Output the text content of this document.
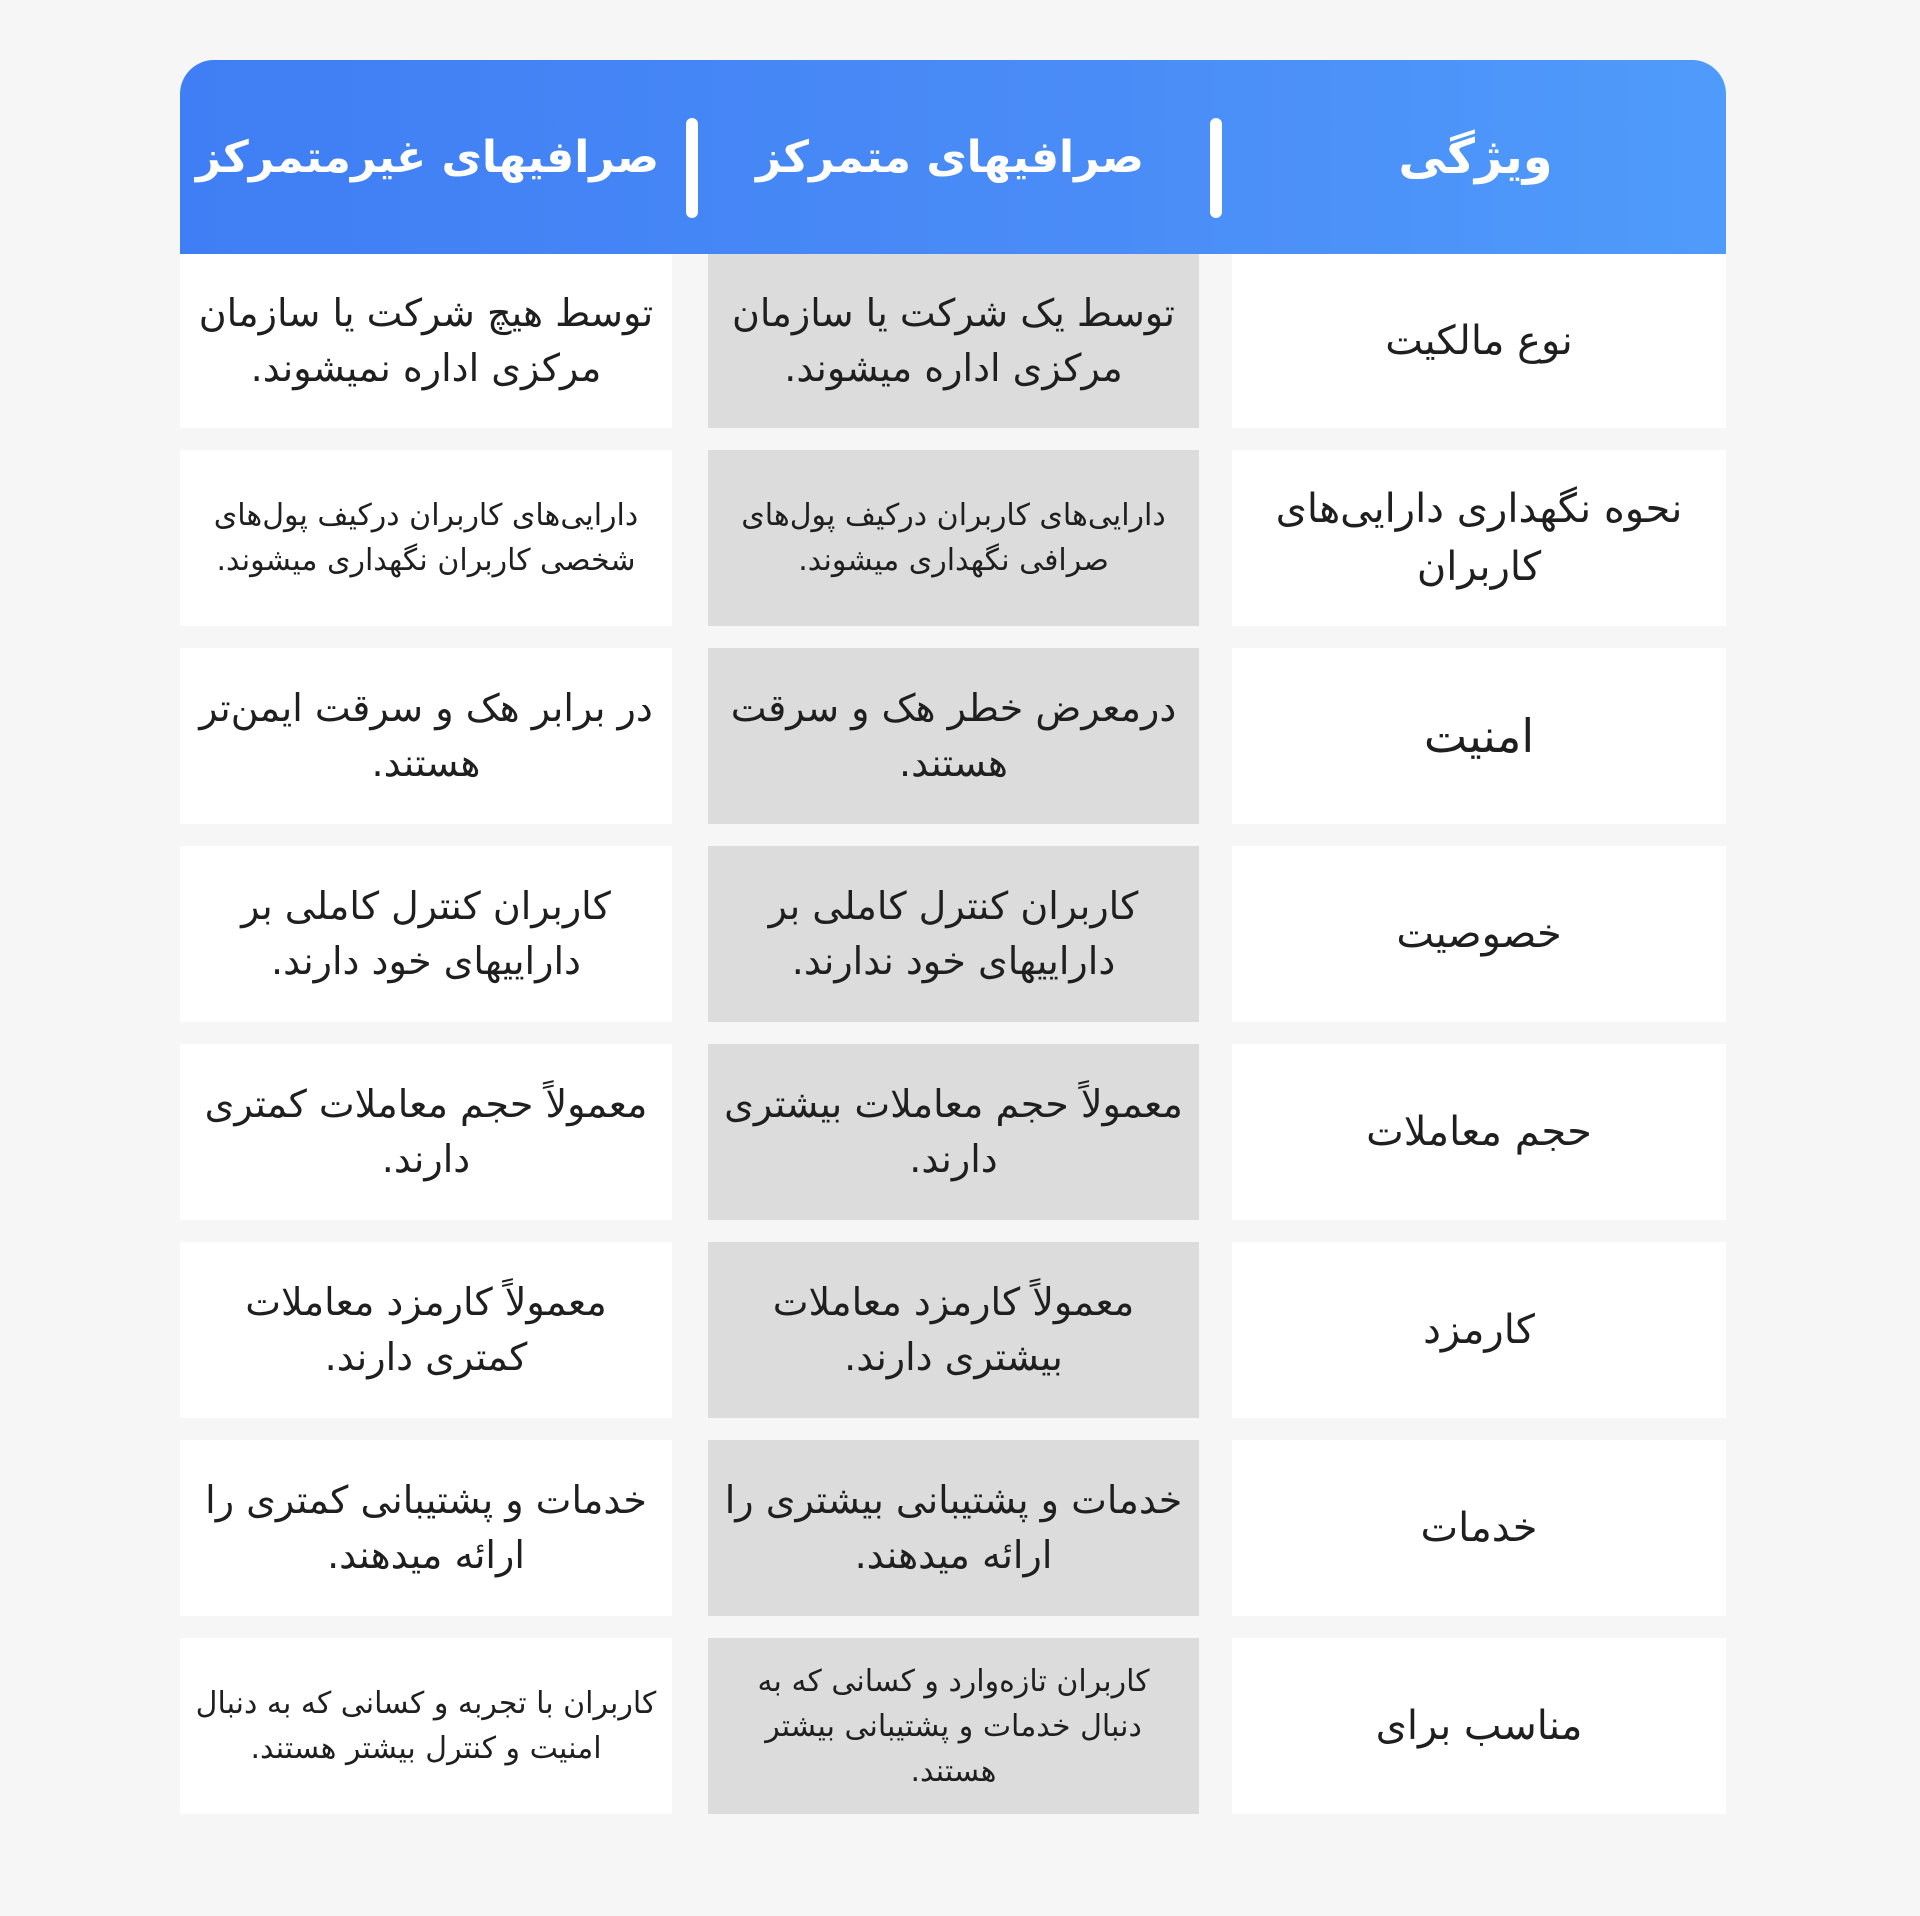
صرافیهای غیرمتمرکز	صرافیهای متمرکز	ویژگی
توسط هیچ شرکت یا سازمان مرکزی اداره نمیشوند.
توسط یک شرکت یا سازمان مرکزی اداره میشوند.
نوع مالکیت
دارایی‌های کاربران درکیف پول‌های شخصی کاربران نگهداری میشوند.
دارایی‌های کاربران درکیف پول‌های صرافی نگهداری میشوند.
نحوه نگهداری دارایی‌های کاربران
در برابر هک و سرقت ایمن‌تر هستند.
درمعرض خطر هک و سرقت هستند.
امنیت
کاربران کنترل کاملی بر داراییهای خود دارند.
کاربران کنترل کاملی بر داراییهای خود ندارند.
خصوصیت
معمولاً حجم معاملات کمتری دارند.
معمولاً حجم معاملات بیشتری دارند.
حجم معاملات
معمولاً کارمزد معاملات کمتری دارند.
معمولاً کارمزد معاملات بیشتری دارند.
کارمزد
خدمات و پشتیبانی کمتری را ارائه میدهند.
خدمات و پشتیبانی بیشتری را ارائه میدهند.
خدمات
کاربران با تجربه و کسانی که به دنبال امنیت و کنترل بیشتر هستند.
کاربران تازه‌وارد و کسانی که به دنبال خدمات و پشتیبانی بیشتر هستند.
مناسب برای
